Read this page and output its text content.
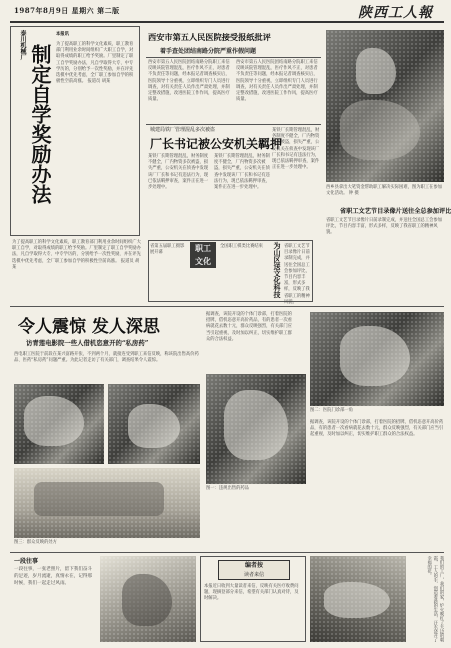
1987年8月9日 星期六 第二版	陕西工人報
泰川机械厂 制定自学奖励办法
本报讯
为了提高职工的科学文化素质，职工教育部门利用业余时间组织广大职工自学，对取得成绩的职工给予奖励。厂里制定了职工自学奖励办法，凡自学取得大专、中专学历的，分别给予一次性奖励，并在评先选模中优先考虑，全厂职工参加自学的积极性空前高涨。 报道员 胡某
西安市第五人民医院接受报纸批评
着手查处团结南路分院严重作假问题
西安市第五人民医院团结南路分院职工来信反映该院管理混乱，医疗作风不正，对患者不负责任等问题，经本报记者调查核实后，医院领导十分重视，立即组织专门人员进行调查，对有关责任人员作出严肃处理，并制定整改措施，改进医院工作作风，提高医疗质量。
西安市第五人民医院团结南路分院职工来信反映该院管理混乱，医疗作风不正，对患者不负责任等问题，经本报记者调查核实后，医院领导十分重视，立即组织专门人员进行调查，对有关责任人员作出严肃处理，并制定整改措施，改进医院工作作风，提高医疗质量。
城建局铁厂管理混乱多次被盗
厂长书记被公安机关羁押
某铁厂长期管理混乱，财务制度不健全，厂内物资多次被盗，损失严重，公安机关在侦查中发现该厂厂长和书记有违法行为，现已依法羁押审查，案件正在进一步处理中。
某铁厂长期管理混乱，财务制度不健全，厂内物资多次被盗，损失严重，公安机关在侦查中发现该厂厂长和书记有违法行为，现已依法羁押审查，案件正在进一步处理中。
某铁厂长期管理混乱，财务制度不健全，厂内物资多次被盗，损失严重，公安机关在侦查中发现该厂厂长和书记有违法行为，现已依法羁押审查，案件正在进一步处理中。
西乡县拿出大笔资金帮助职工解决实际困难，图为职工在参加文化活动。 钟 摄
省职工文艺节目录像片送往全总参加评比
省职工文艺节目录像片日前录制完成，并送往全国总工会参加评比，节目内容丰富，形式多样，反映了我省职工的精神风貌。
职工
文化
省第五届职工摄影展开幕
全国职工棋类比赛结束	为山区送文化科技 省职工文艺节目录像片日前录制完成，并送往全国总工会参加评比，节目内容丰富，形式多样，反映了我省职工的精神风貌。
为了提高职工的科学文化素质，职工教育部门利用业余时间组织广大职工自学，对取得成绩的职工给予奖励。厂里制定了职工自学奖励办法，凡自学取得大专、中专学历的，分别给予一次性奖励，并在评先选模中优先考虑，全厂职工参加自学的积极性空前高涨。 报道员 胡某
令人震惊 发人深思
访青莲电影院一些人借机恣意开的“私房药”
西电职工医院于前段在某兴富路开张，不到两个月，就接连受到职工来信反映，称该院出售高价药品、医药“私房药”问题严重。为此记者走访了有关部门，调查结果令人震惊。
图三：群众反映的处方
据调查，该院开设的个体门诊部，打着医院的招牌，借机恣意开高价药品，有的患者一次看病就花去数十元，群众反映强烈，有关部门应当引起重视，及时加以纠正，切实维护职工群众的合法权益。
图一：违规出售的药品
图二：医院门诊部一角
据调查，该院开设的个体门诊部，打着医院的招牌，借机恣意开高价药品，有的患者一次看病就花去数十元，群众反映强烈，有关部门应当引起重视，及时加以纠正，切实维护职工群众的合法权益。
一段往事
一段往事，一张老照片，留下我们奋斗的足迹，岁月流逝，真情永在，记得那时候，我们一起走过风雨。
编者按
读者来信
本报近日收到大量读者来信，反映有关医疗收费问题，现摘登部分来信，希望有关部门认真对待，及时解决。	我们的工厂，我们的家，炉火映红了天边的朝霞，工人的手，创造着新的生活，汗水浇开了幸福的花。
